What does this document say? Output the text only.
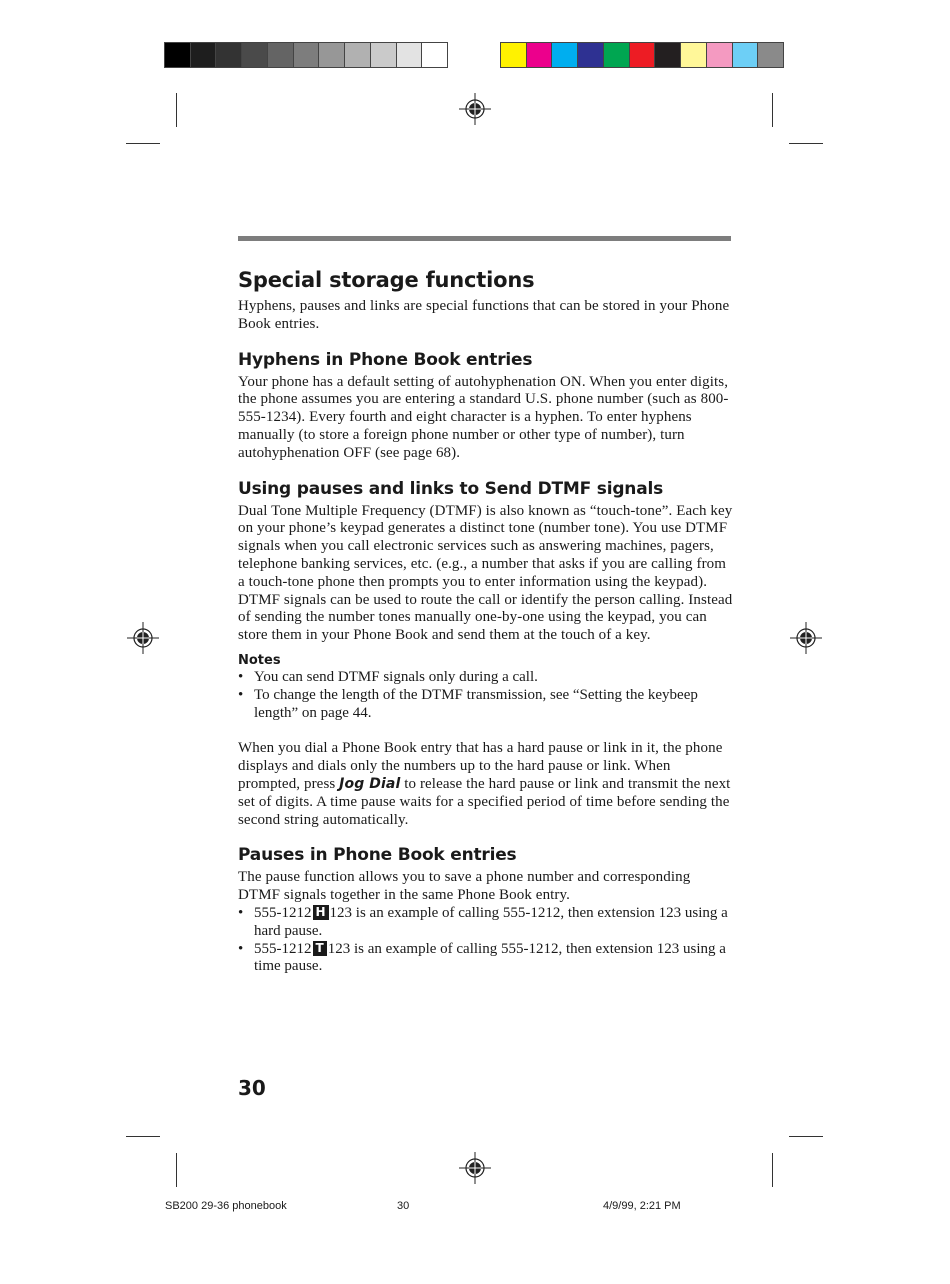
Special storage functions

Hyphens, pauses and links are special functions that can be stored in your Phone Book entries.

Hyphens in Phone Book entries

Your phone has a default setting of autohyphenation ON. When you enter digits, the phone assumes you are entering a standard U.S. phone number (such as 800-555-1234). Every fourth and eight character is a hyphen. To enter hyphens manually (to store a foreign phone number or other type of number), turn autohyphenation OFF (see page 68).

Using pauses and links to Send DTMF signals

Dual Tone Multiple Frequency (DTMF) is also known as “touch-tone”. Each key on your phone’s keypad generates a distinct tone (number tone). You use DTMF signals when you call electronic services such as answering machines, pagers, telephone banking services, etc. (e.g., a number that asks if you are calling from a touch-tone phone then prompts you to enter information using the keypad). DTMF signals can be used to route the call or identify the person calling. Instead of sending the number tones manually one-by-one using the keypad, you can store them in your Phone Book and send them at the touch of a key.

Notes
• You can send DTMF signals only during a call.
• To change the length of the DTMF transmission, see “Setting the keybeep length” on page 44.

When you dial a Phone Book entry that has a hard pause or link in it, the phone displays and dials only the numbers up to the hard pause or link. When prompted, press Jog Dial to release the hard pause or link and transmit the next set of digits. A time pause waits for a specified period of time before sending the second string automatically.

Pauses in Phone Book entries

The pause function allows you to save a phone number and corresponding DTMF signals together in the same Phone Book entry.

• 555-1212 H 123 is an example of calling 555-1212, then extension 123 using a hard pause.
• 555-1212 T 123 is an example of calling 555-1212, then extension 123 using a time pause.
30
SB200 29-36 phonebook	30	4/9/99, 2:21 PM
